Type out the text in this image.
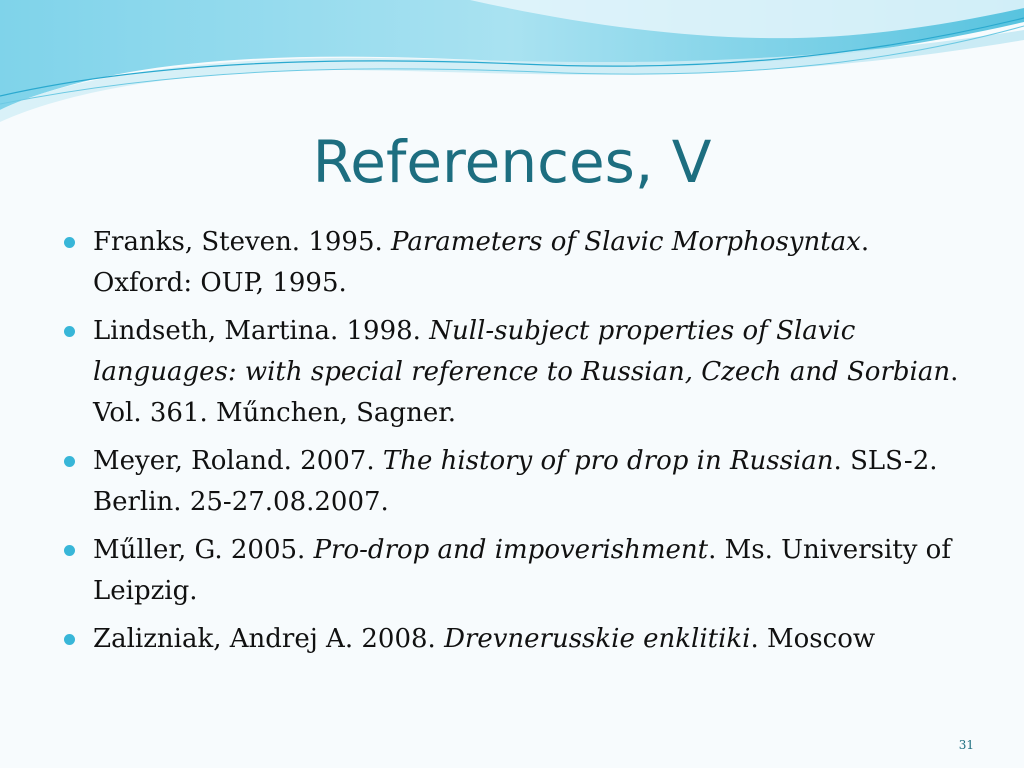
References, V
Franks, Steven. 1995. Parameters of Slavic Morphosyntax. Oxford: OUP, 1995.
Lindseth, Martina. 1998. Null-subject properties of Slavic languages: with special reference to Russian, Czech and Sorbian. Vol. 361. Műnchen, Sagner.
Meyer, Roland. 2007. The history of pro drop in Russian. SLS-2. Berlin. 25-27.08.2007.
Műller, G. 2005. Pro-drop and impoverishment. Ms. University of Leipzig.
Zalizniak, Andrej A. 2008. Drevnerusskie enklitiki. Moscow
31
